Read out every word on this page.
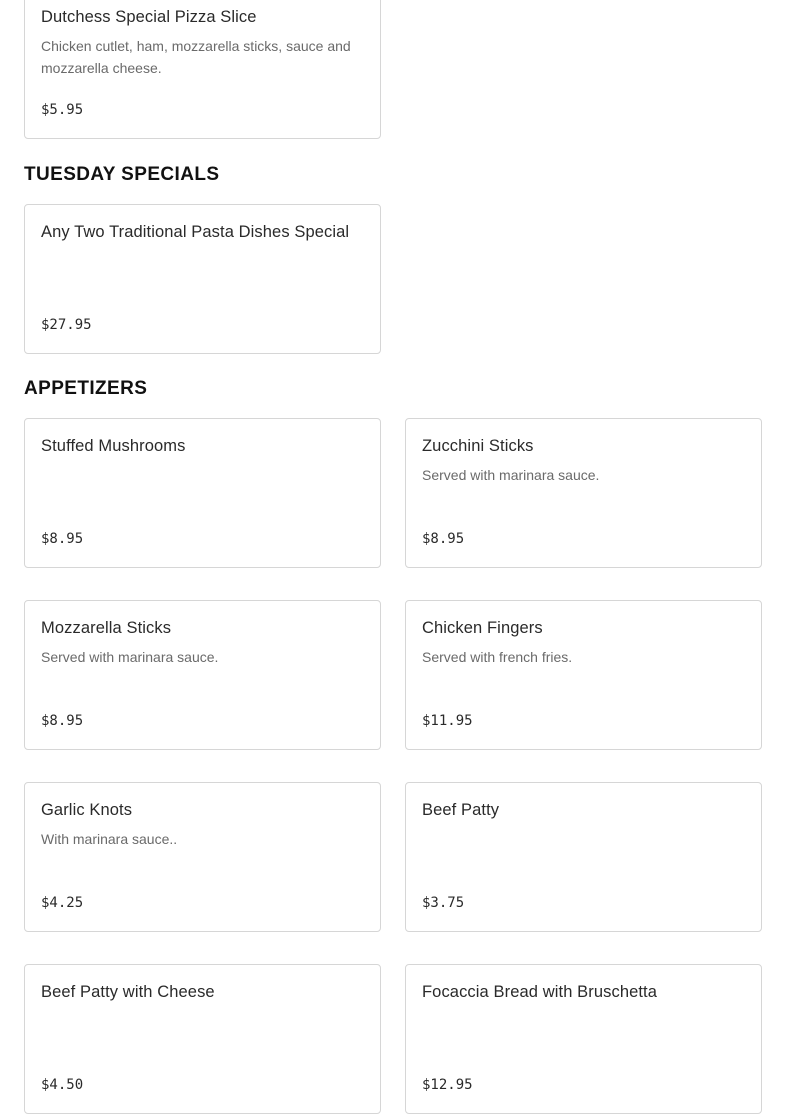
Dutchess Special Pizza Slice
Chicken cutlet, ham, mozzarella sticks, sauce and mozzarella cheese.
$5.95
TUESDAY SPECIALS
Any Two Traditional Pasta Dishes Special
$27.95
APPETIZERS
Stuffed Mushrooms
$8.95
Zucchini Sticks
Served with marinara sauce.
$8.95
Mozzarella Sticks
Served with marinara sauce.
$8.95
Chicken Fingers
Served with french fries.
$11.95
Garlic Knots
With marinara sauce..
$4.25
Beef Patty
$3.75
Beef Patty with Cheese
$4.50
Focaccia Bread with Bruschetta
$12.95
